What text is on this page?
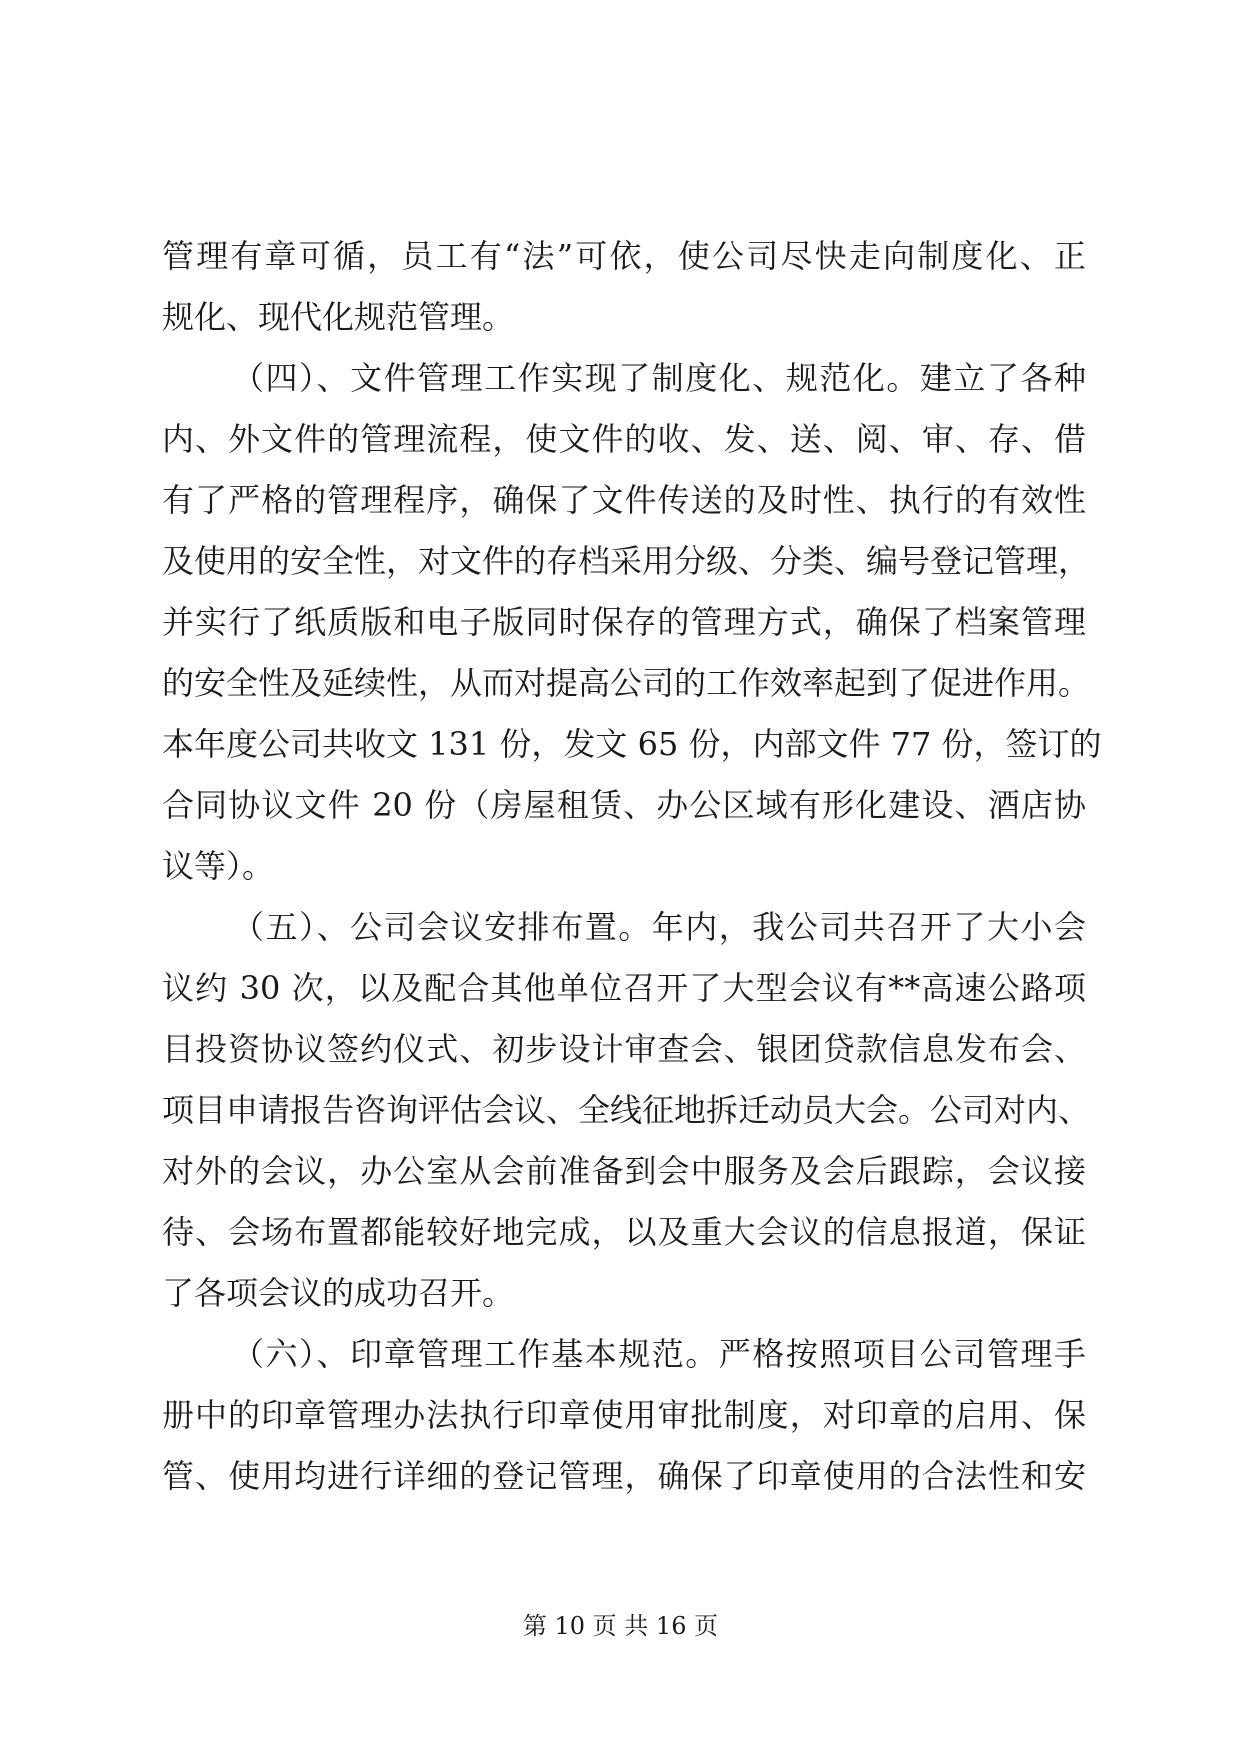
管理有章可循，员工有“法”可依，使公司尽快走向制度化、正
规化、现代化规范管理。
（四）、文件管理工作实现了制度化、规范化。建立了各种
内、外文件的管理流程，使文件的收、发、送、阅、审、存、借
有了严格的管理程序，确保了文件传送的及时性、执行的有效性
及使用的安全性，对文件的存档采用分级、分类、编号登记管理，
并实行了纸质版和电子版同时保存的管理方式，确保了档案管理
的安全性及延续性，从而对提高公司的工作效率起到了促进作用。
本年度公司共收文 131 份，发文 65 份，内部文件 77 份，签订的
合同协议文件 20 份（房屋租赁、办公区域有形化建设、酒店协
议等）。
（五）、公司会议安排布置。年内，我公司共召开了大小会
议约 30 次，以及配合其他单位召开了大型会议有**高速公路项
目投资协议签约仪式、初步设计审查会、银团贷款信息发布会、
项目申请报告咨询评估会议、全线征地拆迁动员大会。公司对内、
对外的会议，办公室从会前准备到会中服务及会后跟踪，会议接
待、会场布置都能较好地完成，以及重大会议的信息报道，保证
了各项会议的成功召开。
（六）、印章管理工作基本规范。严格按照项目公司管理手
册中的印章管理办法执行印章使用审批制度，对印章的启用、保
管、使用均进行详细的登记管理，确保了印章使用的合法性和安
第 10 页 共 16 页
